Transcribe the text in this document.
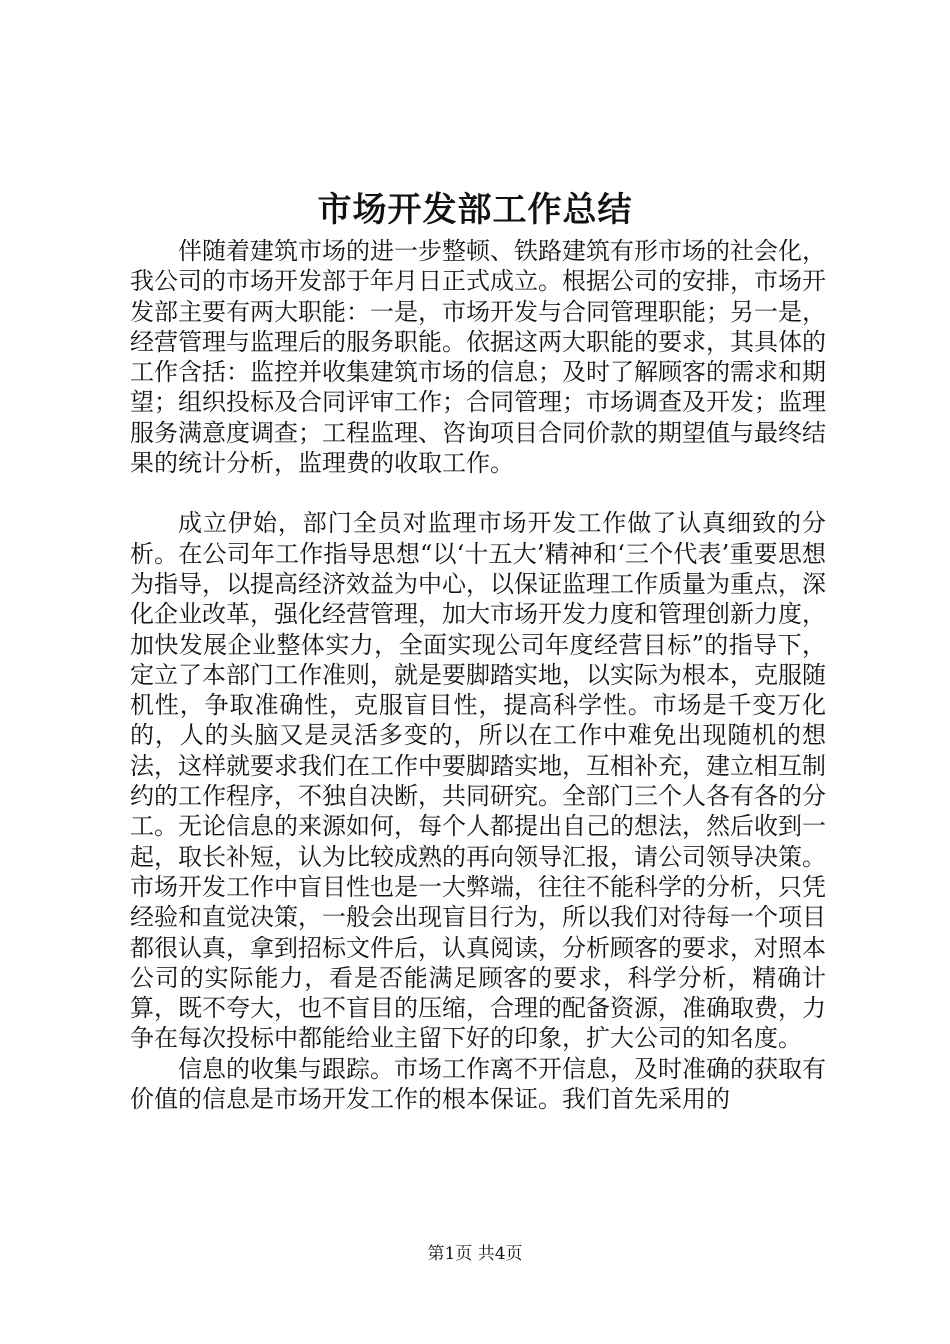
市场开发部工作总结

伴随着建筑市场的进一步整顿、铁路建筑有形市场的社会化，我公司的市场开发部于年月日正式成立。根据公司的安排，市场开发部主要有两大职能：一是，市场开发与合同管理职能；另一是，经营管理与监理后的服务职能。依据这两大职能的要求，其具体的工作含括：监控并收集建筑市场的信息；及时了解顾客的需求和期望；组织投标及合同评审工作；合同管理；市场调查及开发；监理服务满意度调查；工程监理、咨询项目合同价款的期望值与最终结果的统计分析，监理费的收取工作。

成立伊始，部门全员对监理市场开发工作做了认真细致的分析。在公司年工作指导思想“以‘十五大’精神和‘三个代表’重要思想为指导，以提高经济效益为中心，以保证监理工作质量为重点，深化企业改革，强化经营管理，加大市场开发力度和管理创新力度，加快发展企业整体实力，全面实现公司年度经营目标”的指导下，定立了本部门工作准则，就是要脚踏实地，以实际为根本，克服随机性，争取准确性，克服盲目性，提高科学性。市场是千变万化的，人的头脑又是灵活多变的，所以在工作中难免出现随机的想法，这样就要求我们在工作中要脚踏实地，互相补充，建立相互制约的工作程序，不独自决断，共同研究。全部门三个人各有各的分工。无论信息的来源如何，每个人都提出自己的想法，然后收到一起，取长补短，认为比较成熟的再向领导汇报，请公司领导决策。市场开发工作中盲目性也是一大弊端，往往不能科学的分析，只凭经验和直觉决策，一般会出现盲目行为，所以我们对待每一个项目都很认真，拿到招标文件后，认真阅读，分析顾客的要求，对照本公司的实际能力，看是否能满足顾客的要求，科学分析，精确计算，既不夸大，也不盲目的压缩，合理的配备资源，准确取费，力争在每次投标中都能给业主留下好的印象，扩大公司的知名度。

信息的收集与跟踪。市场工作离不开信息，及时准确的获取有价值的信息是市场开发工作的根本保证。我们首先采用的

第1页 共4页
